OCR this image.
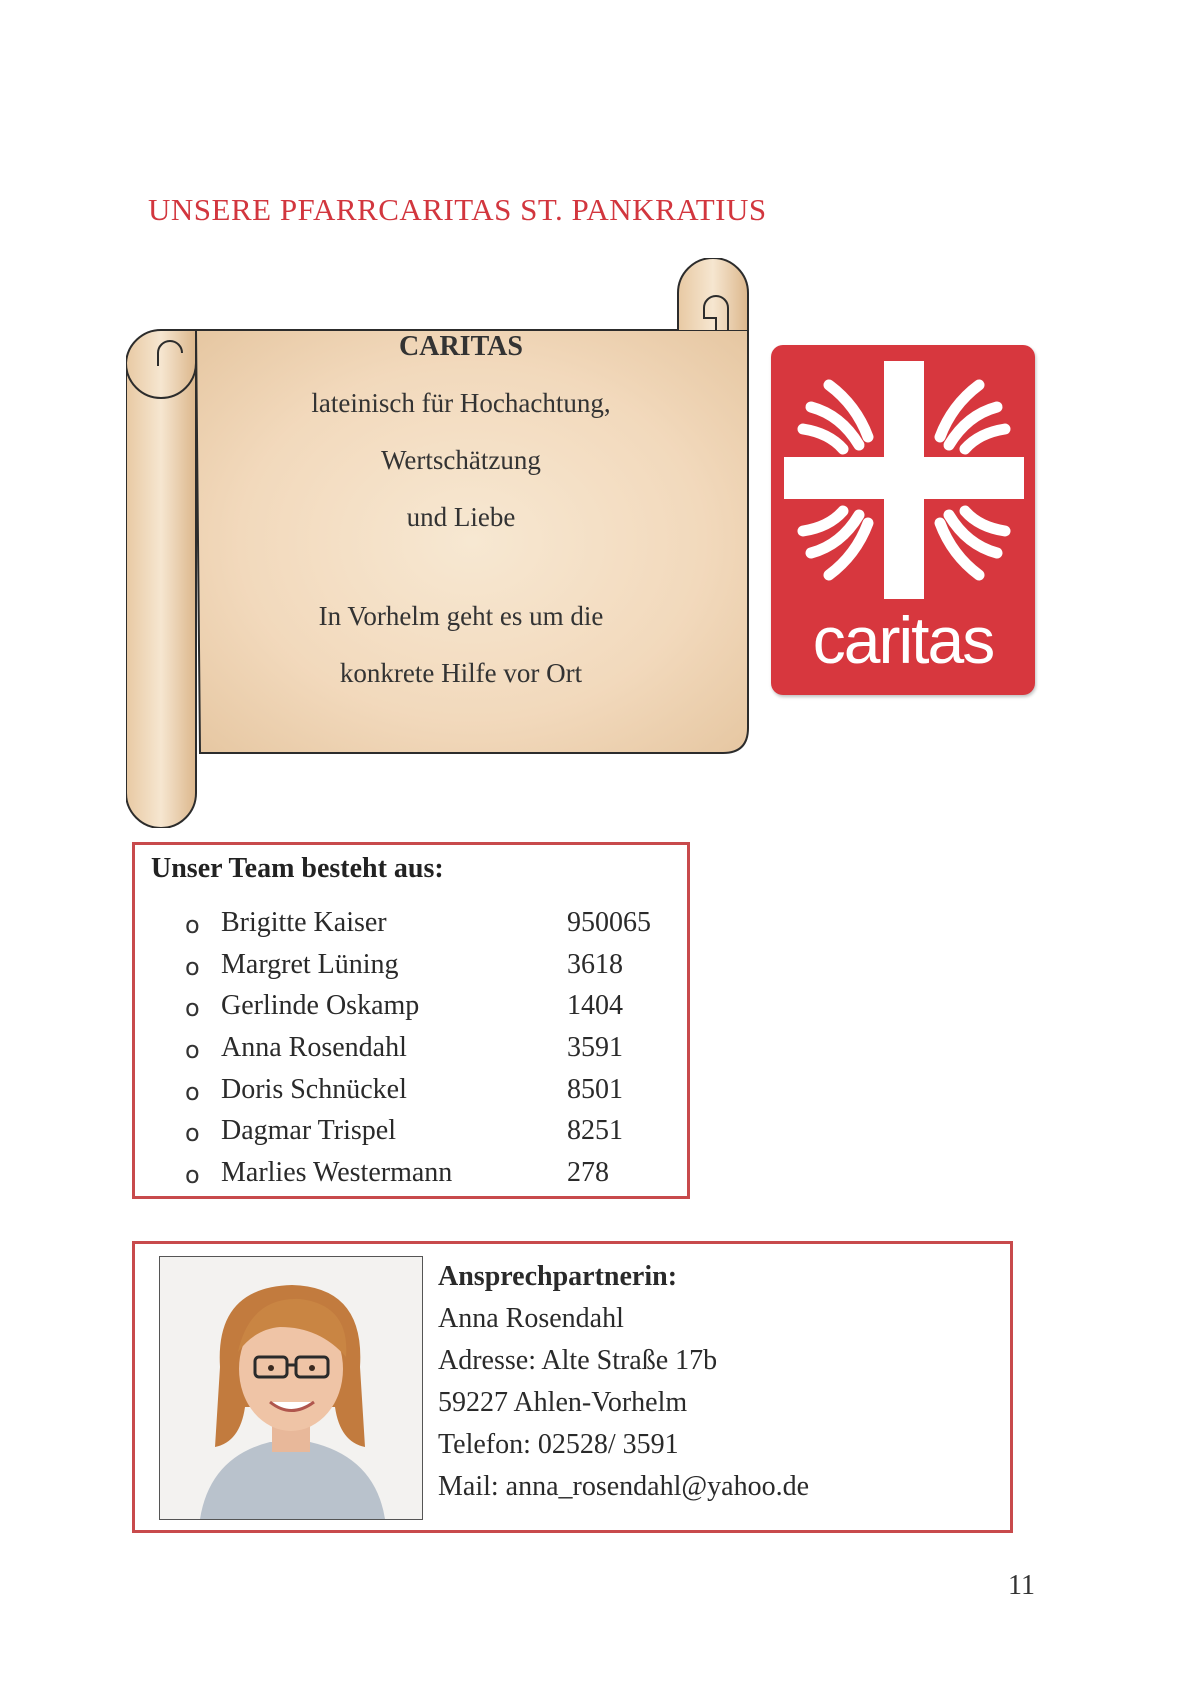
UNSERE PFARRCARITAS ST. PANKRATIUS
CARITAS
lateinisch für Hochachtung,
Wertschätzung
und Liebe
In Vorhelm geht es um die
konkrete Hilfe vor Ort	caritas
Unser Team besteht aus:
o Brigitte Kaiser	950065
o Margret Lüning	3618
o Gerlinde Oskamp	1404
o Anna Rosendahl	3591
o Doris Schnückel	8501
o Dagmar Trispel	8251
o Marlies Westermann	278
Ansprechpartnerin:
Anna Rosendahl
Adresse: Alte Straße 17b
59227 Ahlen-Vorhelm
Telefon: 02528/ 3591
Mail: anna_rosendahl@yahoo.de
11
